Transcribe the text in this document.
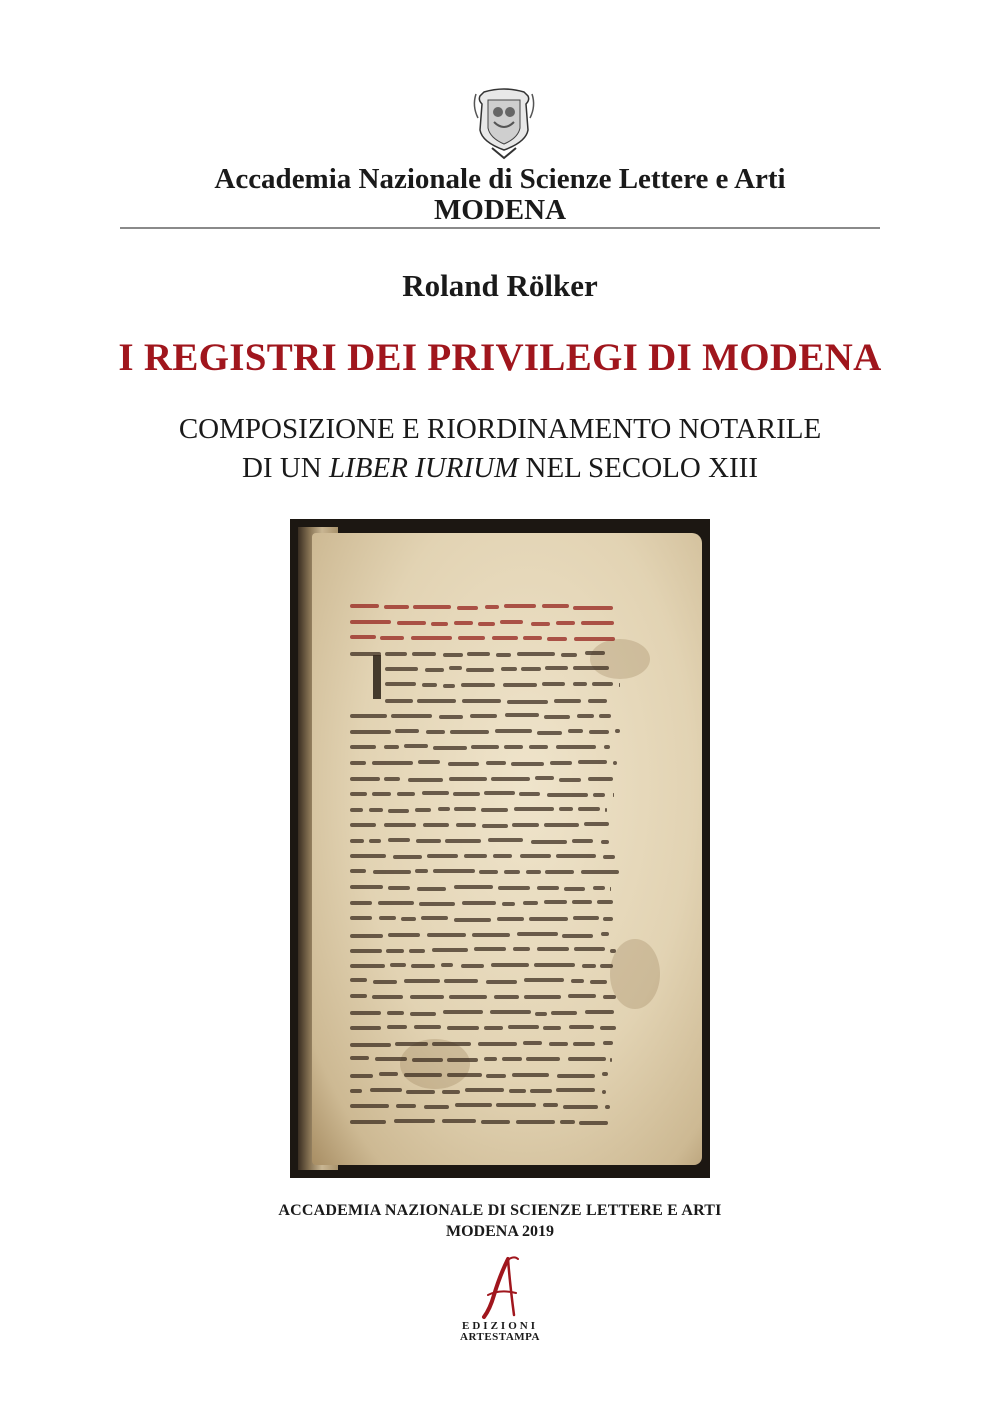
Accademia Nazionale di Scienze Lettere e Arti
MODENA
Roland Rölker
I REGISTRI DEI PRIVILEGI DI MODENA
COMPOSIZIONE E RIORDINAMENTO NOTARILE
DI UN LIBER IURIUM NEL SECOLO XIII
ACCADEMIA NAZIONALE DI SCIENZE LETTERE E ARTI
MODENA 2019
EDIZIONI
ARTESTAMPA
